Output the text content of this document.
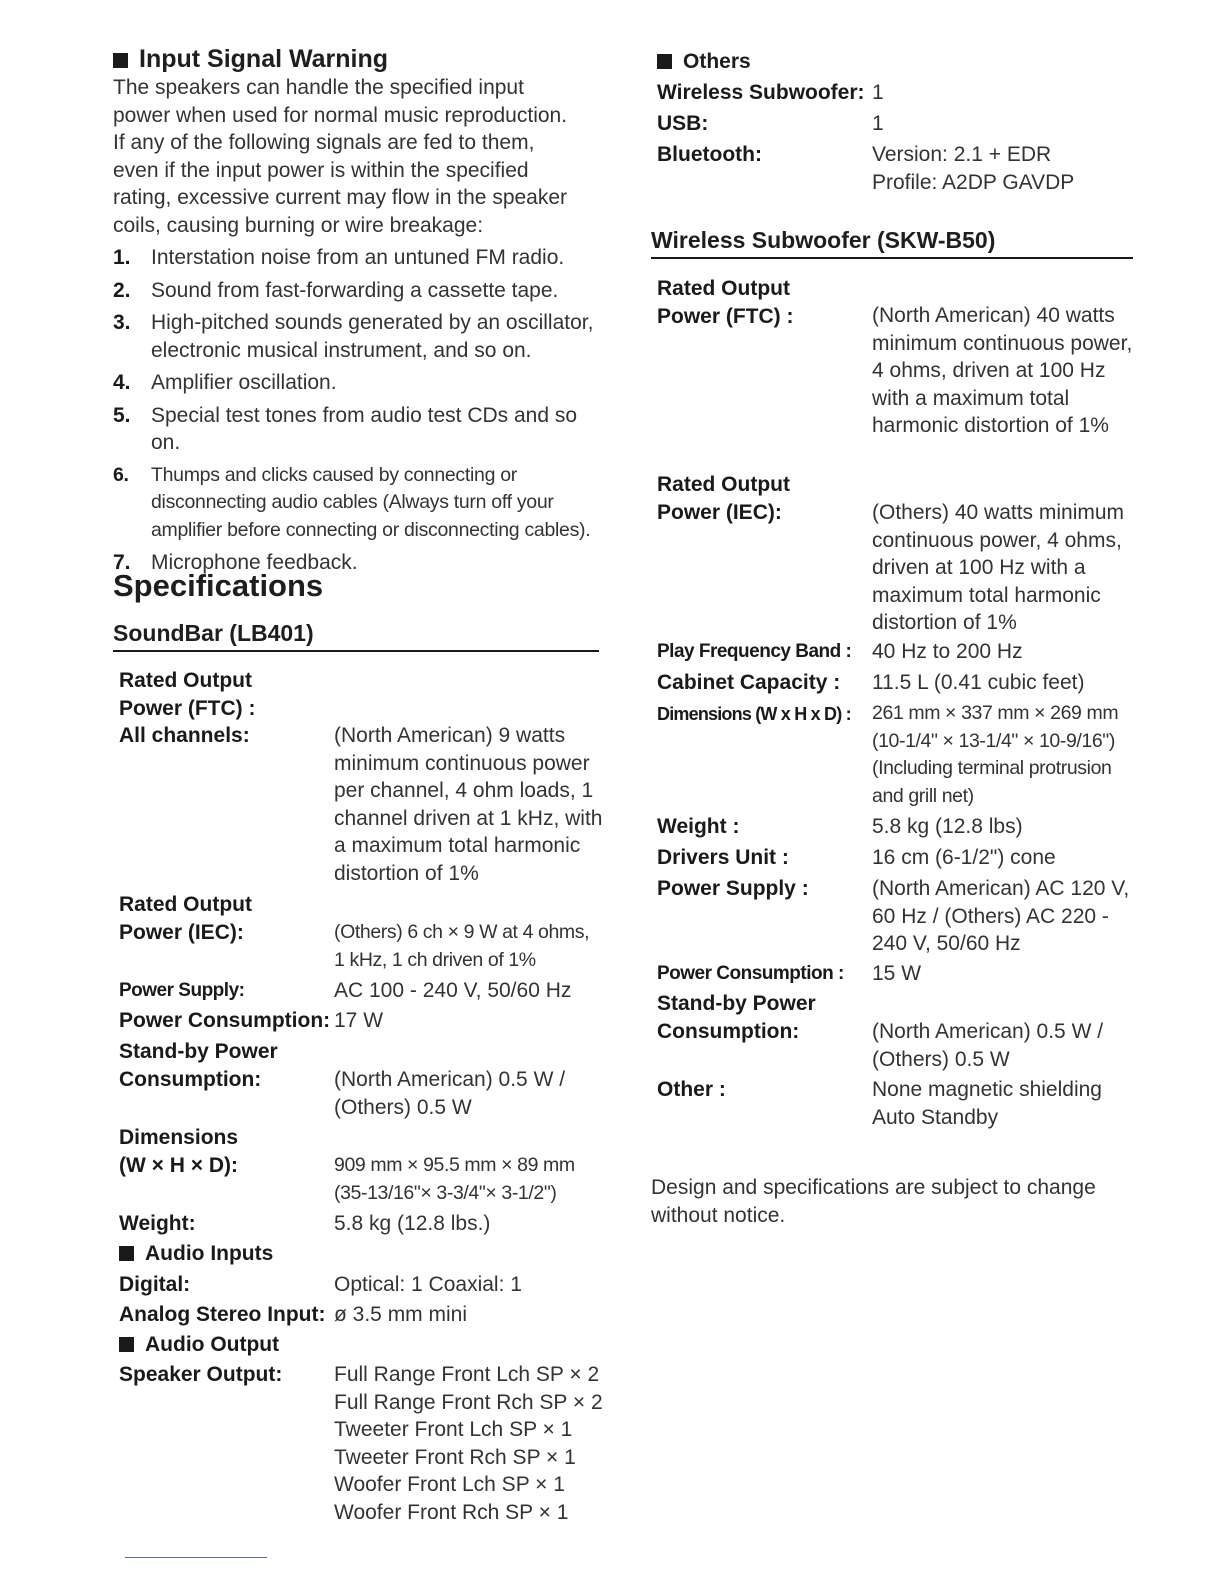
Input Signal Warning

The speakers can handle the specified input power when used for normal music reproduction. If any of the following signals are fed to them, even if the input power is within the specified rating, excessive current may flow in the speaker coils, causing burning or wire breakage:

1. Interstation noise from an untuned FM radio.
2. Sound from fast-forwarding a cassette tape.
3. High-pitched sounds generated by an oscillator, electronic musical instrument, and so on.
4. Amplifier oscillation.
5. Special test tones from audio test CDs and so on.
6. Thumps and clicks caused by connecting or disconnecting audio cables (Always turn off your amplifier before connecting or disconnecting cables).
7. Microphone feedback.
Specifications
SoundBar (LB401)
Rated Output Power (FTC) :
All channels:	(North American) 9 watts minimum continuous power per channel, 4 ohm loads, 1 channel driven at 1 kHz, with a maximum total harmonic distortion of 1%
Rated Output Power (IEC):	(Others) 6 ch × 9 W at 4 ohms, 1 kHz, 1 ch driven of 1%
Power Supply:	AC 100 - 240 V, 50/60 Hz
Power Consumption: 17 W
Stand-by Power Consumption:	(North American) 0.5 W / (Others) 0.5 W
Dimensions (W × H × D):	909 mm × 95.5 mm × 89 mm (35-13/16"× 3-3/4"× 3-1/2")
Weight:	5.8 kg (12.8 lbs.)
Audio Inputs
Digital:	Optical: 1 Coaxial: 1
Analog Stereo Input: ø 3.5 mm mini
Audio Output
Speaker Output: Full Range Front Lch SP × 2
Full Range Front Rch SP × 2
Tweeter Front Lch SP × 1
Tweeter Front Rch SP × 1
Woofer Front Lch SP × 1
Woofer Front Rch SP × 1
Others
Wireless Subwoofer: 1
USB:	1
Bluetooth:	Version: 2.1 + EDR
Profile: A2DP GAVDP
Wireless Subwoofer (SKW-B50)
Rated Output Power (FTC) :	(North American) 40 watts minimum continuous power, 4 ohms, driven at 100 Hz with a maximum total harmonic distortion of 1%
Rated Output Power (IEC):	(Others) 40 watts minimum continuous power, 4 ohms, driven at 100 Hz with a maximum total harmonic distortion of 1%
Play Frequency Band : 40 Hz to 200 Hz
Cabinet Capacity : 11.5 L (0.41 cubic feet)
Dimensions (W x H x D) : 261 mm × 337 mm × 269 mm (10-1/4" × 13-1/4" × 10-9/16")
(Including terminal protrusion and grill net)
Weight :	5.8 kg (12.8 lbs)
Drivers Unit :	16 cm (6-1/2") cone
Power Supply :	(North American) AC 120 V, 60 Hz / (Others) AC 220 - 240 V, 50/60 Hz
Power Consumption : 15 W
Stand-by Power Consumption:	(North American) 0.5 W / (Others) 0.5 W
Other :	None magnetic shielding
Auto Standby

Design and specifications are subject to change without notice.
